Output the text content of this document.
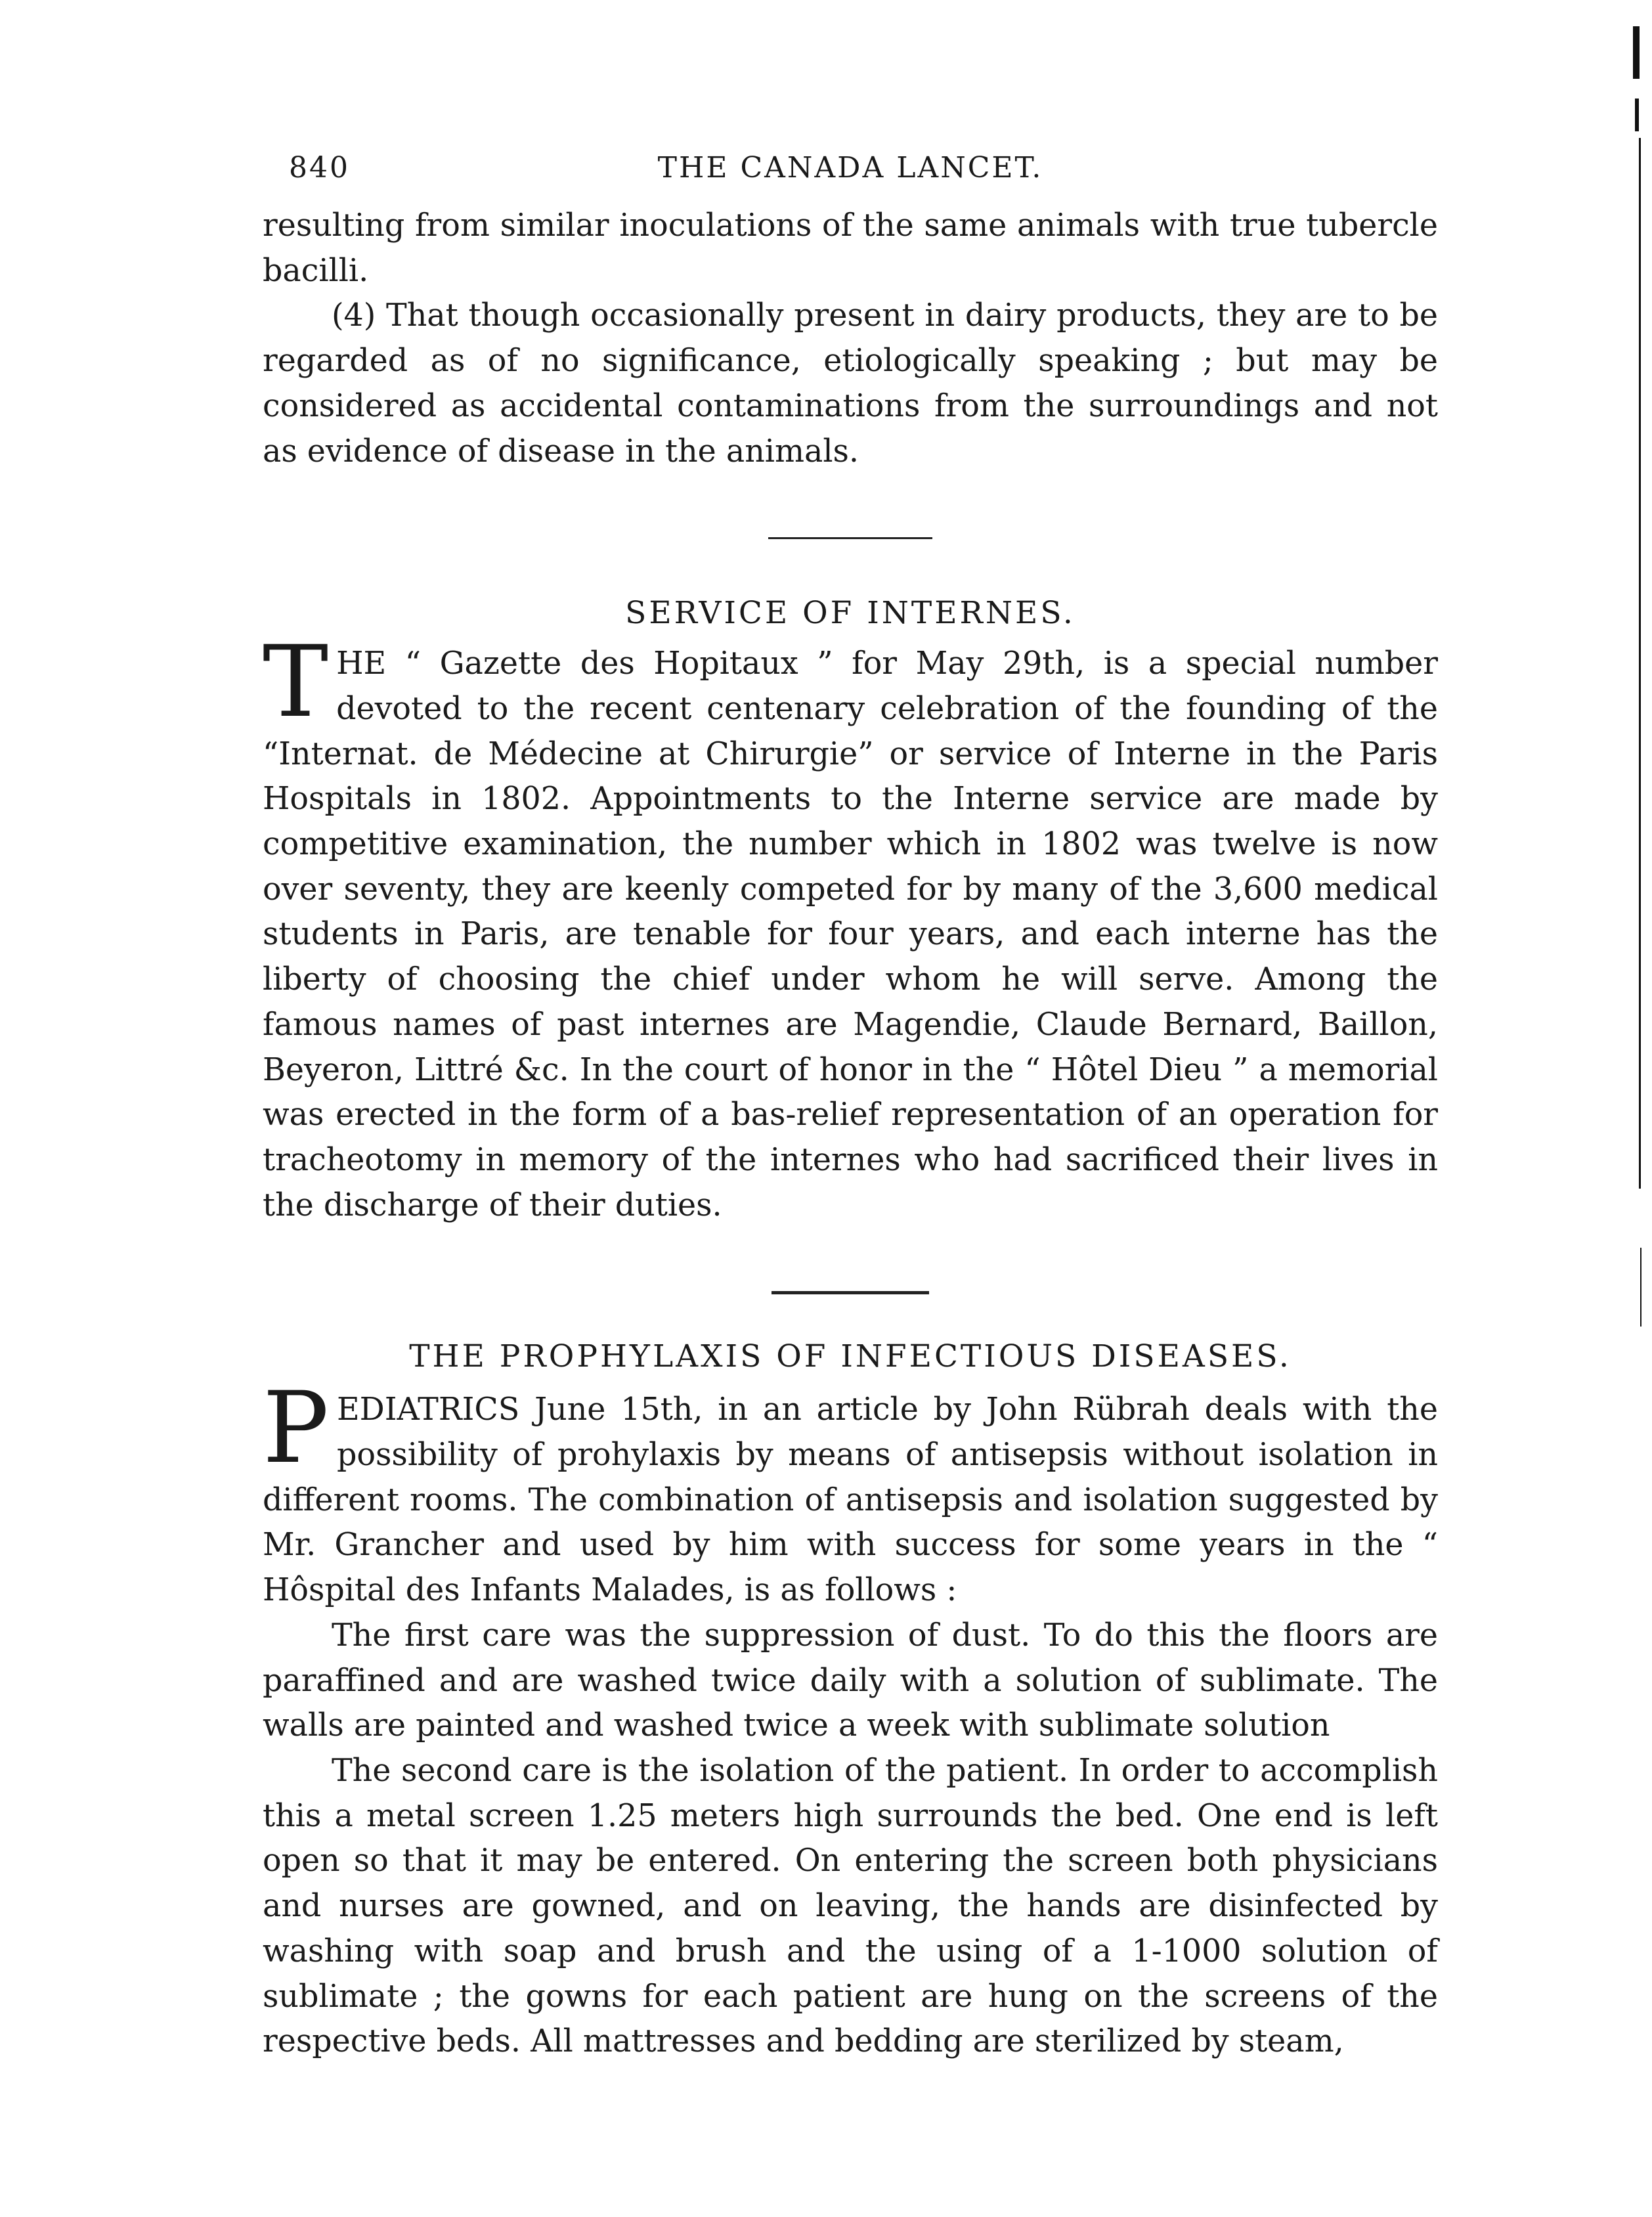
840	THE CANADA LANCET.

resulting from similar inoculations of the same animals with true tubercle bacilli.

(4) That though occasionally present in dairy products, they are to be regarded as of no significance, etiologically speaking ; but may be considered as accidental contaminations from the surroundings and not as evidence of disease in the animals.

SERVICE OF INTERNES.

THE “ Gazette des Hopitaux ” for May 29th, is a special number devoted to the recent centenary celebration of the founding of the “Internat. de Médecine at Chirurgie” or service of Interne in the Paris Hospitals in 1802. Appointments to the Interne service are made by competitive examination, the number which in 1802 was twelve is now over seventy, they are keenly competed for by many of the 3,600 medical students in Paris, are tenable for four years, and each interne has the liberty of choosing the chief under whom he will serve. Among the famous names of past internes are Magendie, Claude Bernard, Baillon, Beyeron, Littré &c. In the court of honor in the “ Hôtel Dieu ” a memorial was erected in the form of a bas-relief representation of an operation for tracheotomy in memory of the internes who had sacrificed their lives in the discharge of their duties.

THE PROPHYLAXIS OF INFECTIOUS DISEASES.

PEDIATRICS June 15th, in an article by John Rübrah deals with the possibility of prohylaxis by means of antisepsis without isolation in different rooms. The combination of antisepsis and isolation suggested by Mr. Grancher and used by him with success for some years in the “ Hôspital des Infants Malades, is as follows :

The first care was the suppression of dust. To do this the floors are paraffined and are washed twice daily with a solution of sublimate. The walls are painted and washed twice a week with sublimate solution

The second care is the isolation of the patient. In order to accomplish this a metal screen 1.25 meters high surrounds the bed. One end is left open so that it may be entered. On entering the screen both physicians and nurses are gowned, and on leaving, the hands are disinfected by washing with soap and brush and the using of a 1-1000 solution of sublimate ; the gowns for each patient are hung on the screens of the respective beds. All mattresses and bedding are sterilized by steam,
